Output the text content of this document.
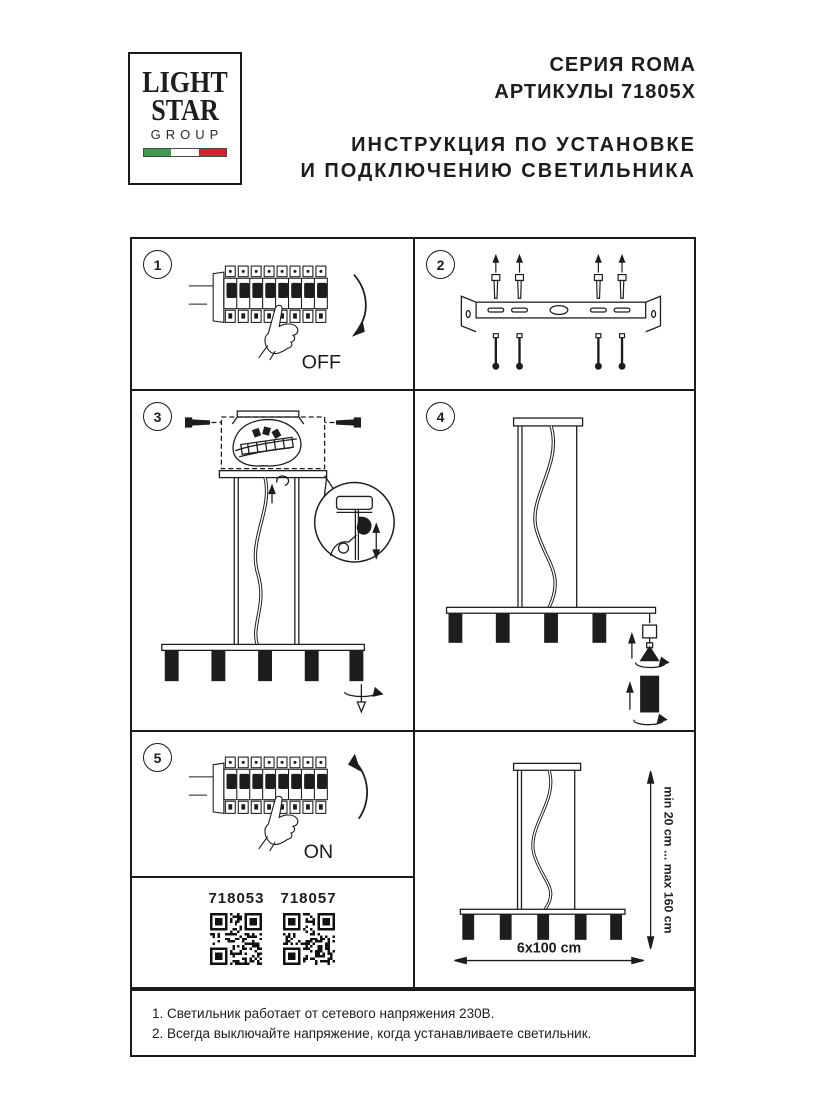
LIGHT
STAR
GROUP
СЕРИЯ ROMA
АРТИКУЛЫ 71805X
ИНСТРУКЦИЯ ПО УСТАНОВКЕ
И ПОДКЛЮЧЕНИЮ СВЕТИЛЬНИКА
1
OFF
2
3	4
5
ON
718053 718057	min 20 cm ... max 160 cm
6x100 cm
1. Светильник работает от сетевого напряжения 230В.
2. Всегда выключайте напряжение, когда устанавливаете светильник.
